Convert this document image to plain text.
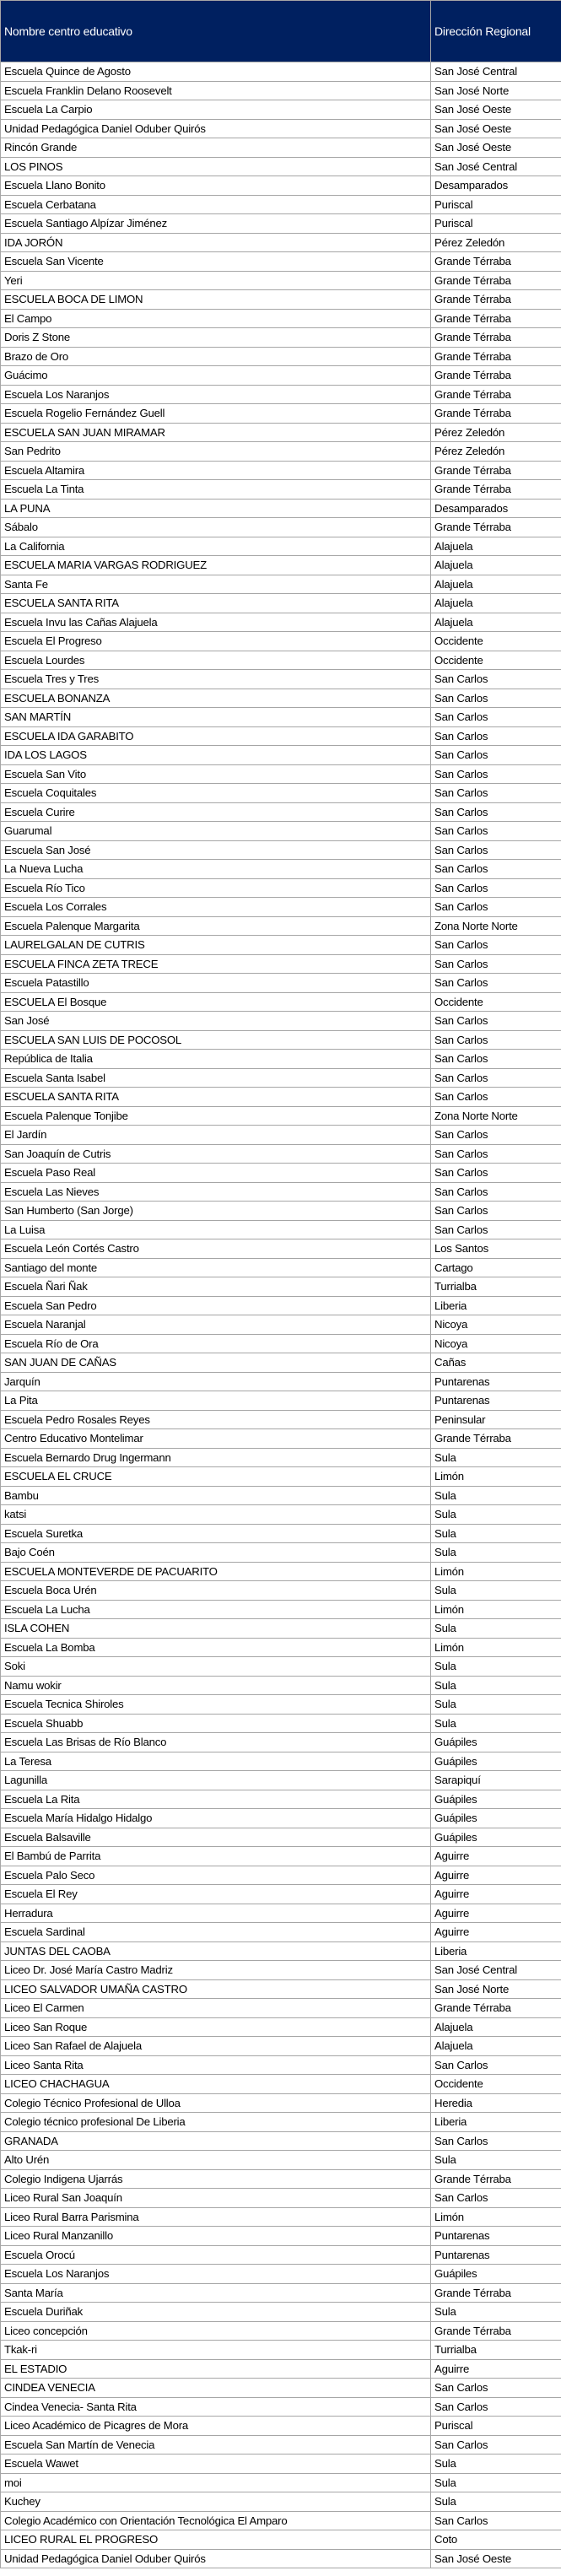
Nombre centro educativo	Dirección Regional
Escuela Quince de Agosto	San José Central
Escuela Franklin Delano Roosevelt	San José Norte
Escuela La Carpio	San José Oeste
Unidad Pedagógica Daniel Oduber Quirós	San José Oeste
Rincón Grande	San José Oeste
LOS PINOS	San José Central
Escuela Llano Bonito	Desamparados
Escuela Cerbatana	Puriscal
Escuela Santiago Alpízar Jiménez	Puriscal
IDA JORÓN	Pérez Zeledón
Escuela San Vicente	Grande Térraba
Yeri	Grande Térraba
ESCUELA BOCA DE LIMON	Grande Térraba
El Campo	Grande Térraba
Doris Z Stone	Grande Térraba
Brazo de Oro	Grande Térraba
Guácimo	Grande Térraba
Escuela Los Naranjos	Grande Térraba
Escuela Rogelio Fernández Guell	Grande Térraba
ESCUELA SAN JUAN MIRAMAR	Pérez Zeledón
San Pedrito	Pérez Zeledón
Escuela Altamira	Grande Térraba
Escuela La Tinta	Grande Térraba
LA PUNA	Desamparados
Sábalo	Grande Térraba
La California	Alajuela
ESCUELA MARIA VARGAS RODRIGUEZ	Alajuela
Santa Fe	Alajuela
ESCUELA SANTA RITA	Alajuela
Escuela Invu las Cañas Alajuela	Alajuela
Escuela El Progreso	Occidente
Escuela Lourdes	Occidente
Escuela Tres y Tres	San Carlos
ESCUELA BONANZA	San Carlos
SAN MARTÍN	San Carlos
ESCUELA IDA GARABITO	San Carlos
IDA LOS LAGOS	San Carlos
Escuela San Vito	San Carlos
Escuela Coquitales	San Carlos
Escuela Curire	San Carlos
Guarumal	San Carlos
Escuela San José	San Carlos
La Nueva Lucha	San Carlos
Escuela Río Tico	San Carlos
Escuela Los Corrales	San Carlos
Escuela Palenque Margarita	Zona Norte Norte
LAURELGALAN DE CUTRIS	San Carlos
ESCUELA FINCA ZETA TRECE	San Carlos
Escuela Patastillo	San Carlos
ESCUELA El Bosque	Occidente
San José	San Carlos
ESCUELA SAN LUIS DE POCOSOL	San Carlos
República de Italia	San Carlos
Escuela Santa Isabel	San Carlos
ESCUELA SANTA RITA	San Carlos
Escuela Palenque Tonjibe	Zona Norte Norte
El Jardín	San Carlos
San Joaquín de Cutris	San Carlos
Escuela Paso Real	San Carlos
Escuela Las Nieves	San Carlos
San Humberto (San Jorge)	San Carlos
La Luisa	San Carlos
Escuela León Cortés Castro	Los Santos
Santiago del monte	Cartago
Escuela Ñari Ñak	Turrialba
Escuela San Pedro	Liberia
Escuela Naranjal	Nicoya
Escuela Río de Ora	Nicoya
SAN JUAN DE CAÑAS	Cañas
Jarquín	Puntarenas
La Pita	Puntarenas
Escuela Pedro Rosales Reyes	Peninsular
Centro Educativo Montelimar	Grande Térraba
Escuela Bernardo Drug Ingermann	Sula
ESCUELA EL CRUCE	Limón
Bambu	Sula
katsi	Sula
Escuela Suretka	Sula
Bajo Coén	Sula
ESCUELA MONTEVERDE DE PACUARITO	Limón
Escuela Boca Urén	Sula
Escuela La Lucha	Limón
ISLA COHEN	Sula
Escuela La Bomba	Limón
Soki	Sula
Namu wokir	Sula
Escuela Tecnica Shiroles	Sula
Escuela Shuabb	Sula
Escuela Las Brisas de Río Blanco	Guápiles
La Teresa	Guápiles
Lagunilla	Sarapiquí
Escuela La Rita	Guápiles
Escuela María Hidalgo Hidalgo	Guápiles
Escuela Balsaville	Guápiles
El Bambú de Parrita	Aguirre
Escuela Palo Seco	Aguirre
Escuela El Rey	Aguirre
Herradura	Aguirre
Escuela Sardinal	Aguirre
JUNTAS DEL CAOBA	Liberia
Liceo Dr. José María Castro Madriz	San José Central
LICEO SALVADOR UMAÑA CASTRO	San José Norte
Liceo El Carmen	Grande Térraba
Liceo San Roque	Alajuela
Liceo San Rafael de Alajuela	Alajuela
Liceo Santa Rita	San Carlos
LICEO CHACHAGUA	Occidente
Colegio Técnico Profesional de Ulloa	Heredia
Colegio técnico profesional De Liberia	Liberia
GRANADA	San Carlos
Alto Urén	Sula
Colegio Indigena Ujarrás	Grande Térraba
Liceo Rural San Joaquín	San Carlos
Liceo Rural Barra Parismina	Limón
Liceo Rural Manzanillo	Puntarenas
Escuela Orocú	Puntarenas
Escuela Los Naranjos	Guápiles
Santa María	Grande Térraba
Escuela Duriñak	Sula
Liceo concepción	Grande Térraba
Tkak-ri	Turrialba
EL ESTADIO	Aguirre
CINDEA VENECIA	San Carlos
Cindea Venecia- Santa Rita	San Carlos
Liceo Académico de Picagres de Mora	Puriscal
Escuela San Martín de Venecia	San Carlos
Escuela Wawet	Sula
moi	Sula
Kuchey	Sula
Colegio Académico con Orientación Tecnológica El Amparo	San Carlos
LICEO RURAL EL PROGRESO	Coto
Unidad Pedagógica Daniel Oduber Quirós	San José Oeste
